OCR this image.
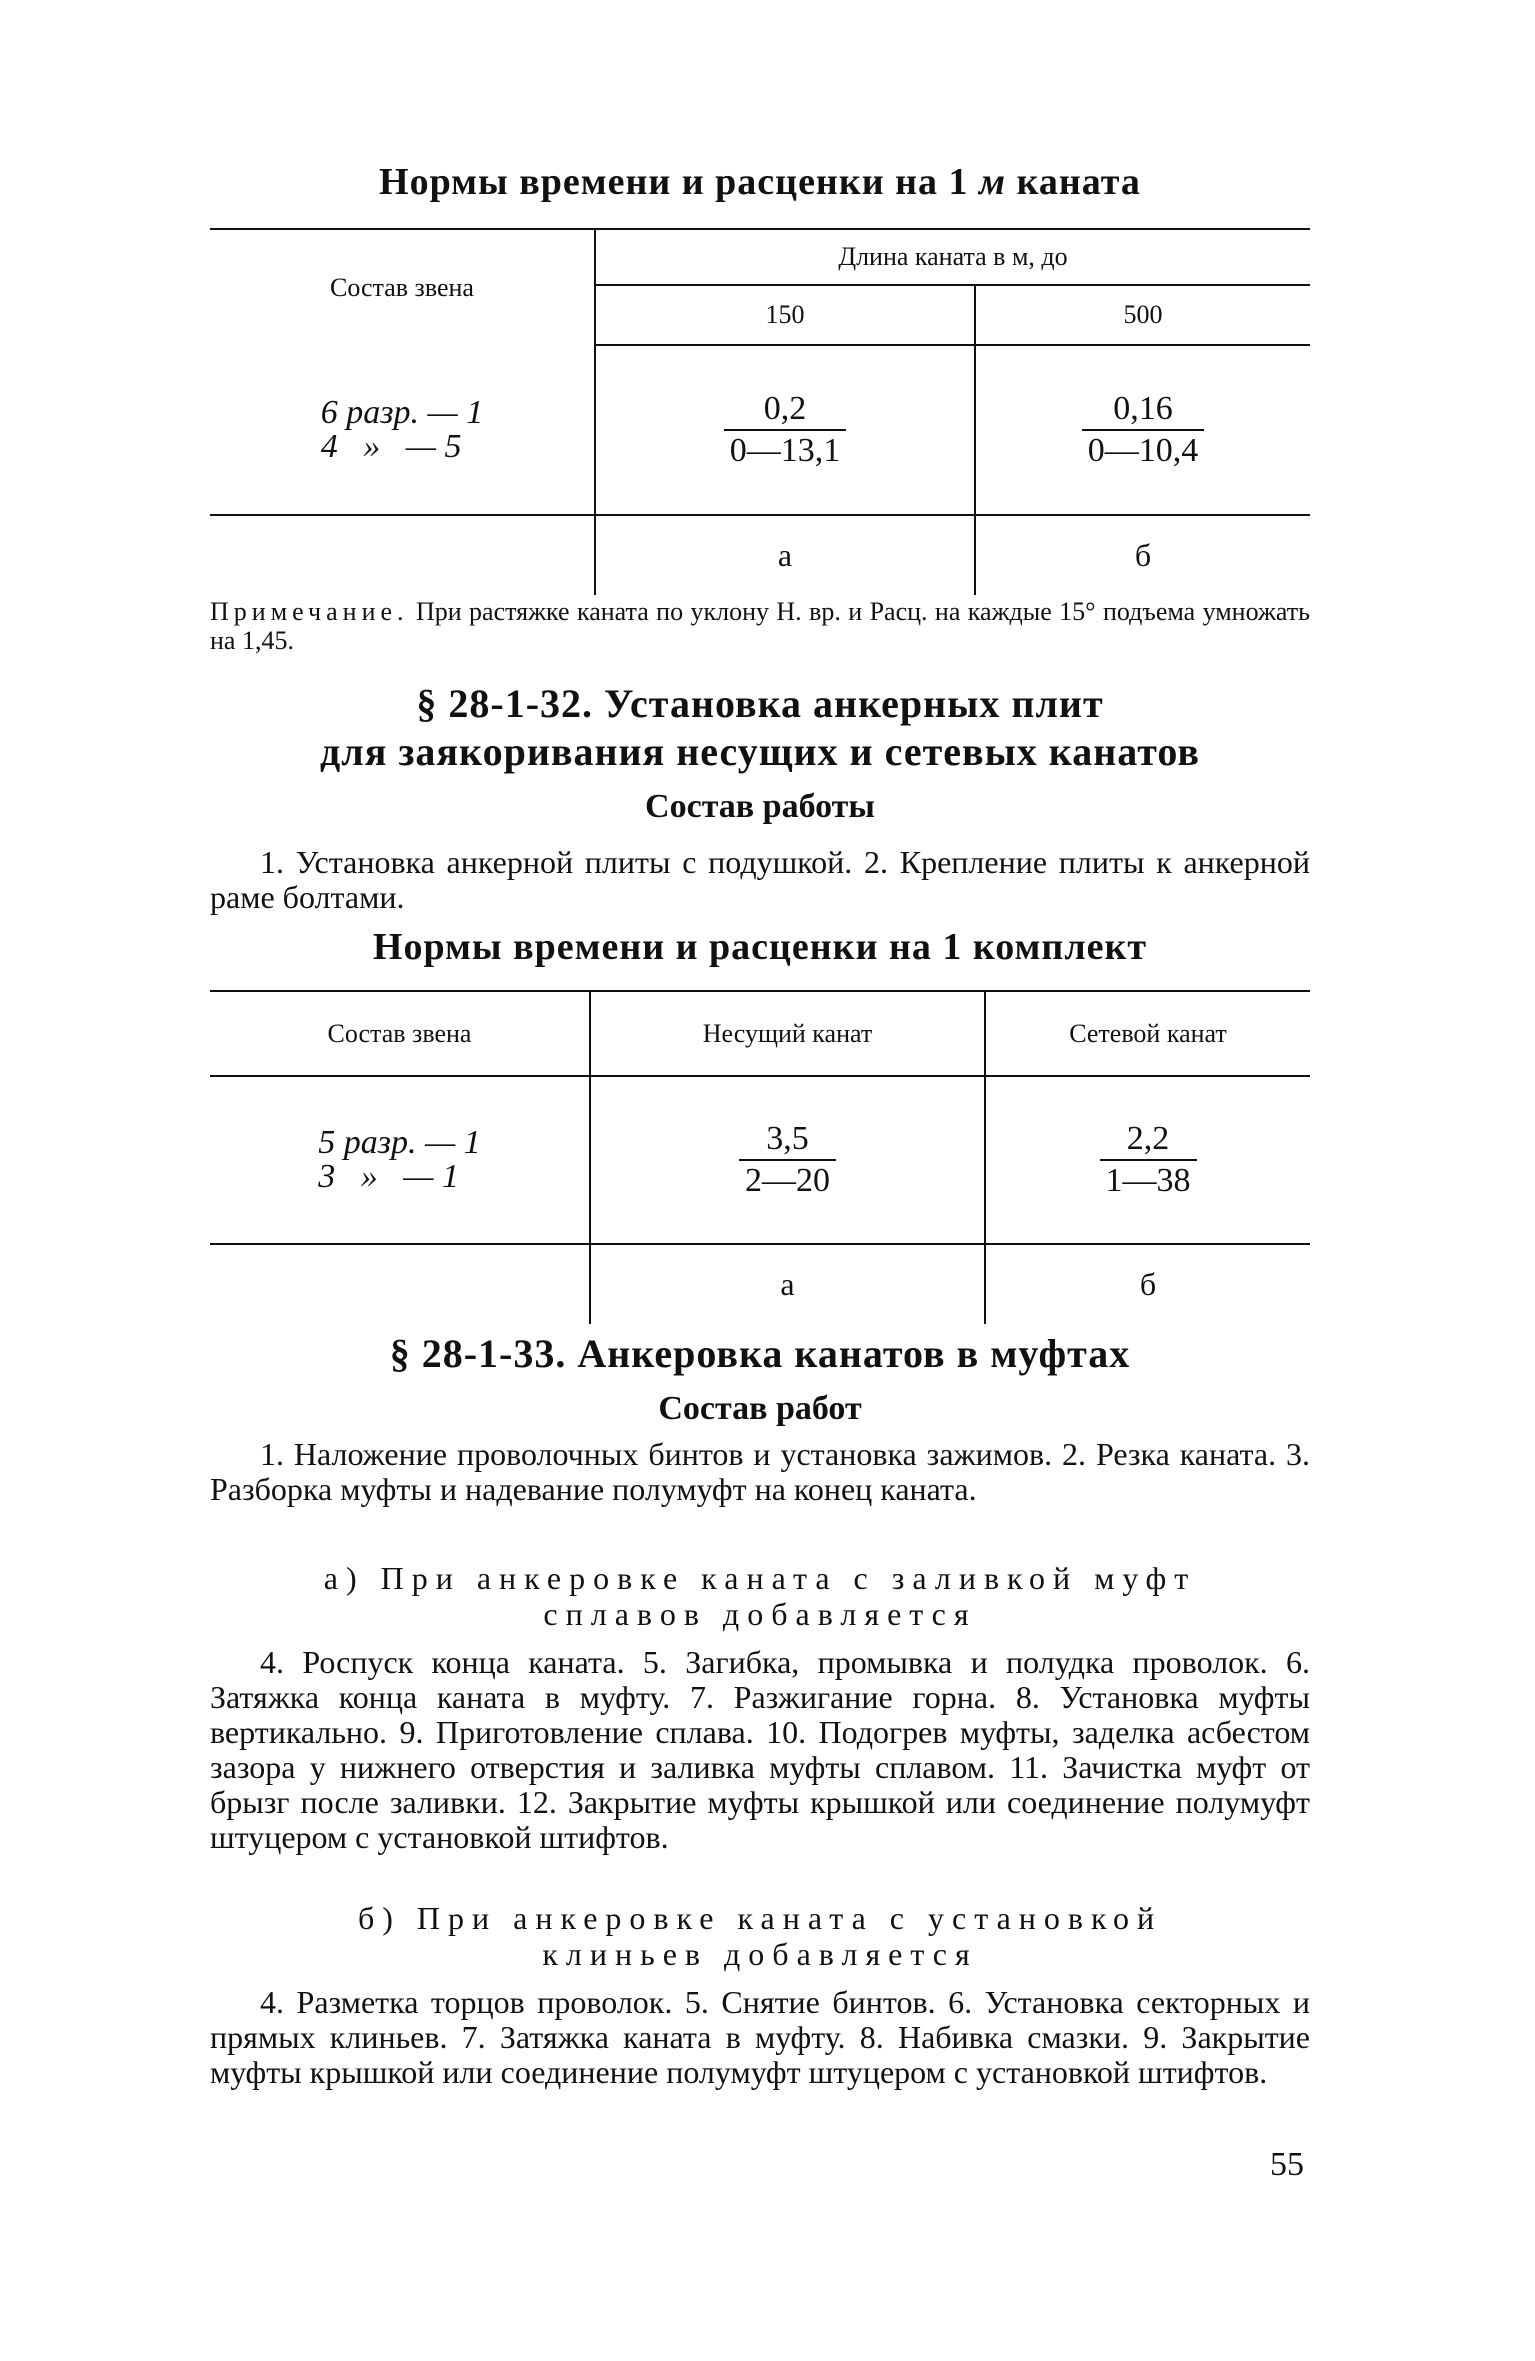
Нормы времени и расценки на 1 м каната
Состав звена	Длина каната в м, до	
	150	500

6 разр. — 1
4   »   — 5	$\frac{0,2}{0—13,1}$	$\frac{0,16}{0—10,4}$

	а	б
Примечание. При растяжке каната по уклону Н. вр. и Расц. на каждые 15° подъема умножать на 1,45.
§ 28-1-32. Установка анкерных плит
для заякоривания несущих и сетевых канатов
Состав работы
1. Установка анкерной плиты с подушкой. 2. Крепление плиты к анкерной раме болтами.
Нормы времени и расценки на 1 комплект
Состав звена	Несущий канат	Сетевой канат

5 разр. — 1
3   »   — 1	$\frac{3,5}{2—20}$	$\frac{2,2}{1—38}$

	а	б
§ 28-1-33. Анкеровка канатов в муфтах
Состав работ
1. Наложение проволочных бинтов и установка зажимов. 2. Резка каната. 3. Разборка муфты и надевание полумуфт на конец каната.
а) При анкеровке каната с заливкой муфт
сплавов добавляется
4. Роспуск конца каната. 5. Загибка, промывка и полудка проволок. 6. Затяжка конца каната в муфту. 7. Разжигание горна. 8. Установка муфты вертикально. 9. Приготовление сплава. 10. Подогрев муфты, заделка асбестом зазора у нижнего отверстия и заливка муфты сплавом. 11. Зачистка муфт от брызг после заливки. 12. Закрытие муфты крышкой или соединение полумуфт штуцером с установкой штифтов.
б) При анкеровке каната с установкой
клиньев добавляется
4. Разметка торцов проволок. 5. Снятие бинтов. 6. Установка секторных и прямых клиньев. 7. Затяжка каната в муфту. 8. Набивка смазки. 9. Закрытие муфты крышкой или соединение полумуфт штуцером с установкой штифтов.
55
